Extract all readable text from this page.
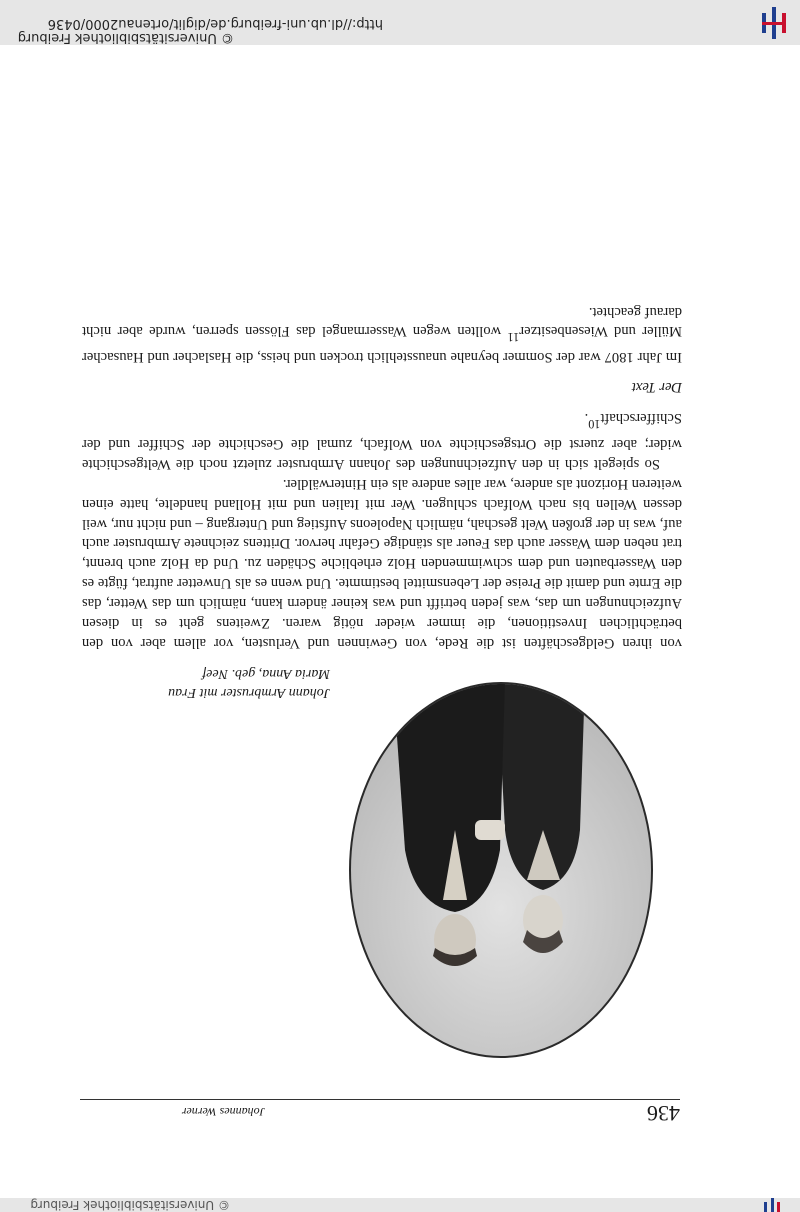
© Universitätsbibliothek Freiburg
436
Johannes Werner
Johann Armbruster mit Frau
Maria Anna, geb. Neef

von ihren Geldgeschäften ist die Rede, von Gewinnen und Verlusten, vor allem aber von den beträchtlichen Investitionen, die immer wieder nötig waren. Zweitens geht es in diesen Aufzeichnungen um das, was jeden betrifft und was keiner ändern kann, nämlich um das Wetter, das die Ernte und damit die Preise der Lebensmittel bestimmte. Und wenn es als Unwetter auftrat, fügte es den Wasserbauten und dem schwimmenden Holz erhebliche Schäden zu. Und da Holz auch brennt, trat neben dem Wasser auch das Feuer als ständige Gefahr hervor. Drittens zeichnete Armbruster auch auf, was in der großen Welt geschah, nämlich Napoleons Aufstieg und Untergang – und nicht nur, weil dessen Wellen bis nach Wolfach schlugen. Wer mit Italien und mit Holland handelte, hatte einen weiteren Horizont als andere, war alles andere als ein Hinterwäldler.

So spiegelt sich in den Aufzeichnungen des Johann Armbruster zuletzt noch die Weltgeschichte wider; aber zuerst die Ortsgeschichte von Wolfach, zumal die Geschichte der Schiffer und der Schifferschaft$^{10}$.

Der Text

Im Jahr 1807 war der Sommer beynahe unausstehlich trocken und heiss, die Haslacher und Hausacher Müller und Wiesenbesitzer$^{11}$ wollten wegen Wassermangel das Flössen sperren, wurde aber nicht darauf geachtet.

http://dl.ub.uni-freiburg.de/diglit/ortenau2000/0436
© Universitätsbibliothek Freiburg
